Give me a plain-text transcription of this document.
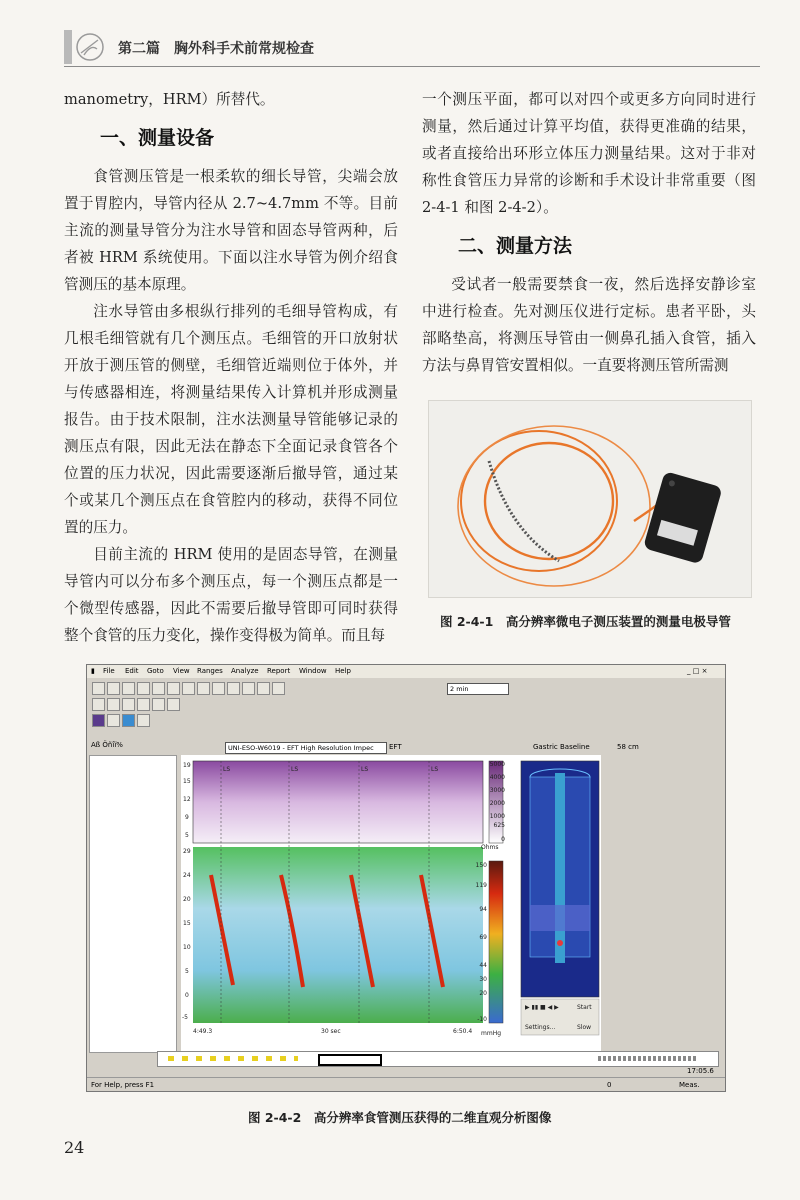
第二篇　胸外科手术前常规检查

manometry，HRM）所替代。

一、测量设备

食管测压管是一根柔软的细长导管，尖端会放置于胃腔内，导管内径从 2.7~4.7mm 不等。目前主流的测量导管分为注水导管和固态导管两种，后者被 HRM 系统使用。下面以注水导管为例介绍食管测压的基本原理。

注水导管由多根纵行排列的毛细导管构成，有几根毛细管就有几个测压点。毛细管的开口放射状开放于测压管的侧壁，毛细管近端则位于体外，并与传感器相连，将测量结果传入计算机并形成测量报告。由于技术限制，注水法测量导管能够记录的测压点有限，因此无法在静态下全面记录食管各个位置的压力状况，因此需要逐渐后撤导管，通过某个或某几个测压点在食管腔内的移动，获得不同位置的压力。

目前主流的 HRM 使用的是固态导管，在测量导管内可以分布多个测压点，每一个测压点都是一个微型传感器，因此不需要后撤导管即可同时获得整个食管的压力变化，操作变得极为简单。而且每

一个测压平面，都可以对四个或更多方向同时进行测量，然后通过计算平均值，获得更准确的结果，或者直接给出环形立体压力测量结果。这对于非对称性食管压力异常的诊断和手术设计非常重要（图 2-4-1 和图 2-4-2）。

二、测量方法

受试者一般需要禁食一夜，然后选择安静诊室中进行检查。先对测压仪进行定标。患者平卧，头部略垫高，将测压导管由一侧鼻孔插入食管，插入方法与鼻胃管安置相似。一直要将测压管所需测

图 2-4-1　高分辨率微电子测压装置的测量电极导管
▮ File Edit Goto View Ranges Analyze Report Window Help	_ □ ×
2 min
Aß Öñîï%	UNI-ESO-W6019 - EFT High Resolution Impec	EFT	Gastric Baseline	58 cm
LS	LS	LS	LS
19
15
12
9
5
29
24
20
15
10
5
0
-5
4:49.3	30 sec	6:50.4
5000
4000
3000
2000
1000
625
0
Ohms
150
119
94
69
44
30
20
-10
mmHg
▶ ▮▮ ■ ◀ ▶	Start
Settings...	Slow
For Help, press F1	0	Meas.
17:05.6
图 2-4-2　高分辨率食管测压获得的二维直观分析图像
24
